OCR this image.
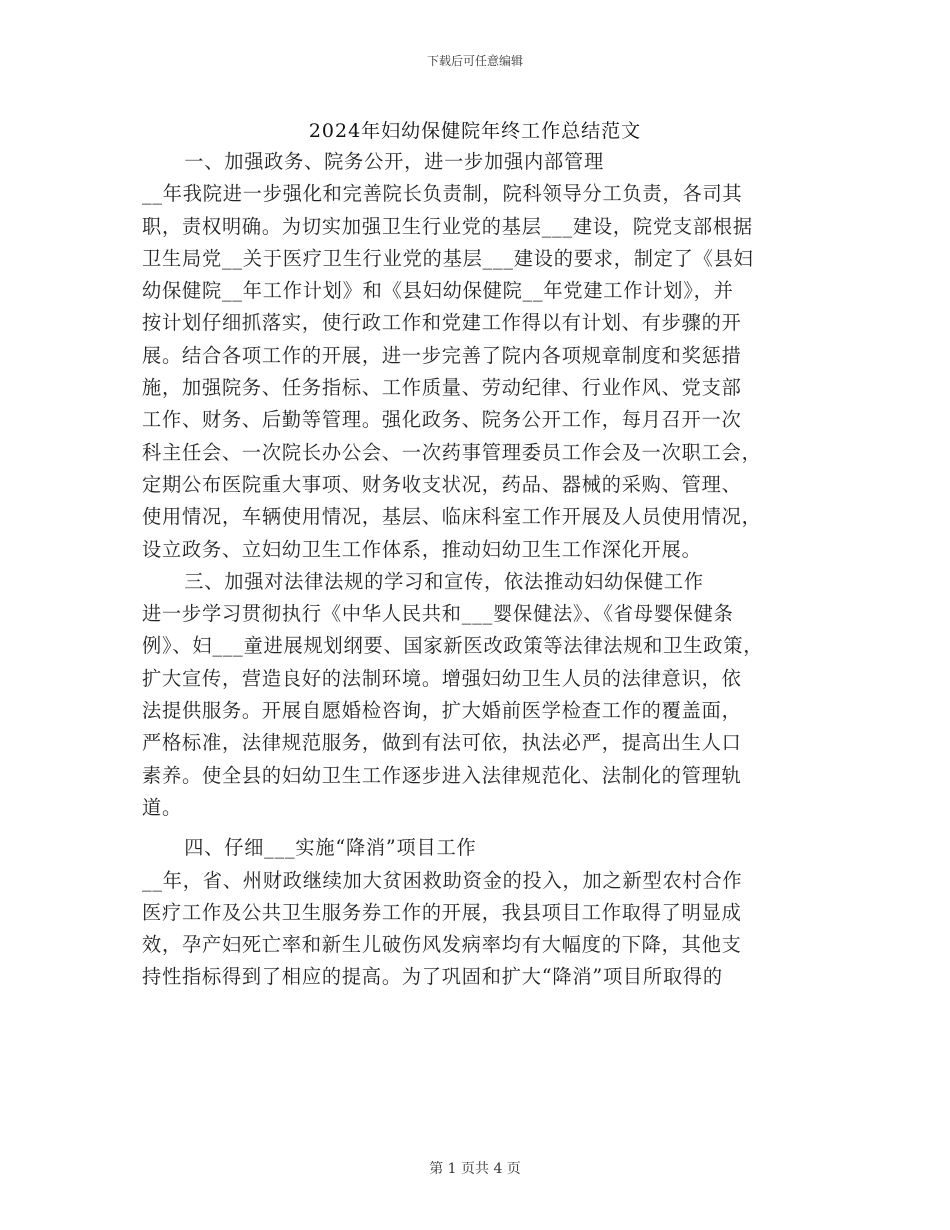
下载后可任意编辑
2024年妇幼保健院年终工作总结范文
一、加强政务、院务公开，进一步加强内部管理
__年我院进一步强化和完善院长负责制，院科领导分工负责，各司其
职，责权明确。为切实加强卫生行业党的基层___建设，院党支部根据
卫生局党__关于医疗卫生行业党的基层___建设的要求，制定了《县妇
幼保健院__年工作计划》和《县妇幼保健院__年党建工作计划》，并
按计划仔细抓落实，使行政工作和党建工作得以有计划、有步骤的开
展。结合各项工作的开展，进一步完善了院内各项规章制度和奖惩措
施，加强院务、任务指标、工作质量、劳动纪律、行业作风、党支部
工作、财务、后勤等管理。强化政务、院务公开工作，每月召开一次
科主任会、一次院长办公会、一次药事管理委员工作会及一次职工会，
定期公布医院重大事项、财务收支状况，药品、器械的采购、管理、
使用情况，车辆使用情况，基层、临床科室工作开展及人员使用情况，
设立政务、立妇幼卫生工作体系，推动妇幼卫生工作深化开展。
三、加强对法律法规的学习和宣传，依法推动妇幼保健工作
进一步学习贯彻执行《中华人民共和___婴保健法》、《省母婴保健条
例》、妇___童进展规划纲要、国家新医改政策等法律法规和卫生政策，
扩大宣传，营造良好的法制环境。增强妇幼卫生人员的法律意识，依
法提供服务。开展自愿婚检咨询，扩大婚前医学检查工作的覆盖面，
严格标准，法律规范服务，做到有法可依，执法必严，提高出生人口
素养。使全县的妇幼卫生工作逐步进入法律规范化、法制化的管理轨
道。
四、仔细___实施“降消”项目工作
__年，省、州财政继续加大贫困救助资金的投入，加之新型农村合作
医疗工作及公共卫生服务券工作的开展，我县项目工作取得了明显成
效，孕产妇死亡率和新生儿破伤风发病率均有大幅度的下降，其他支
持性指标得到了相应的提高。为了巩固和扩大“降消”项目所取得的
第 1 页共 4 页
